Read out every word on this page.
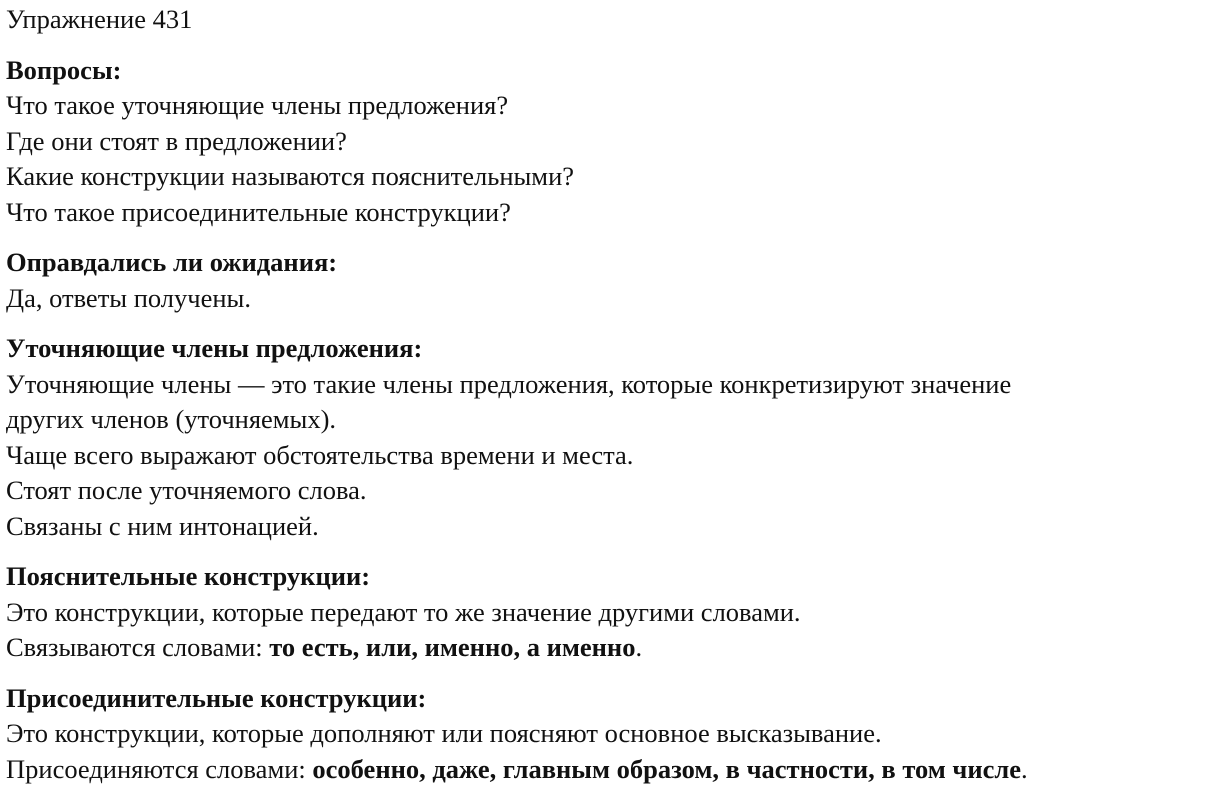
Упражнение 431
Вопросы:
Что такое уточняющие члены предложения?
Где они стоят в предложении?
Какие конструкции называются пояснительными?
Что такое присоединительные конструкции?
Оправдались ли ожидания:
Да, ответы получены.
Уточняющие члены предложения:
Уточняющие члены — это такие члены предложения, которые конкретизируют значение
других членов (уточняемых).
Чаще всего выражают обстоятельства времени и места.
Стоят после уточняемого слова.
Связаны с ним интонацией.
Пояснительные конструкции:
Это конструкции, которые передают то же значение другими словами.
Связываются словами: то есть, или, именно, а именно.
Присоединительные конструкции:
Это конструкции, которые дополняют или поясняют основное высказывание.
Присоединяются словами: особенно, даже, главным образом, в частности, в том числе.
